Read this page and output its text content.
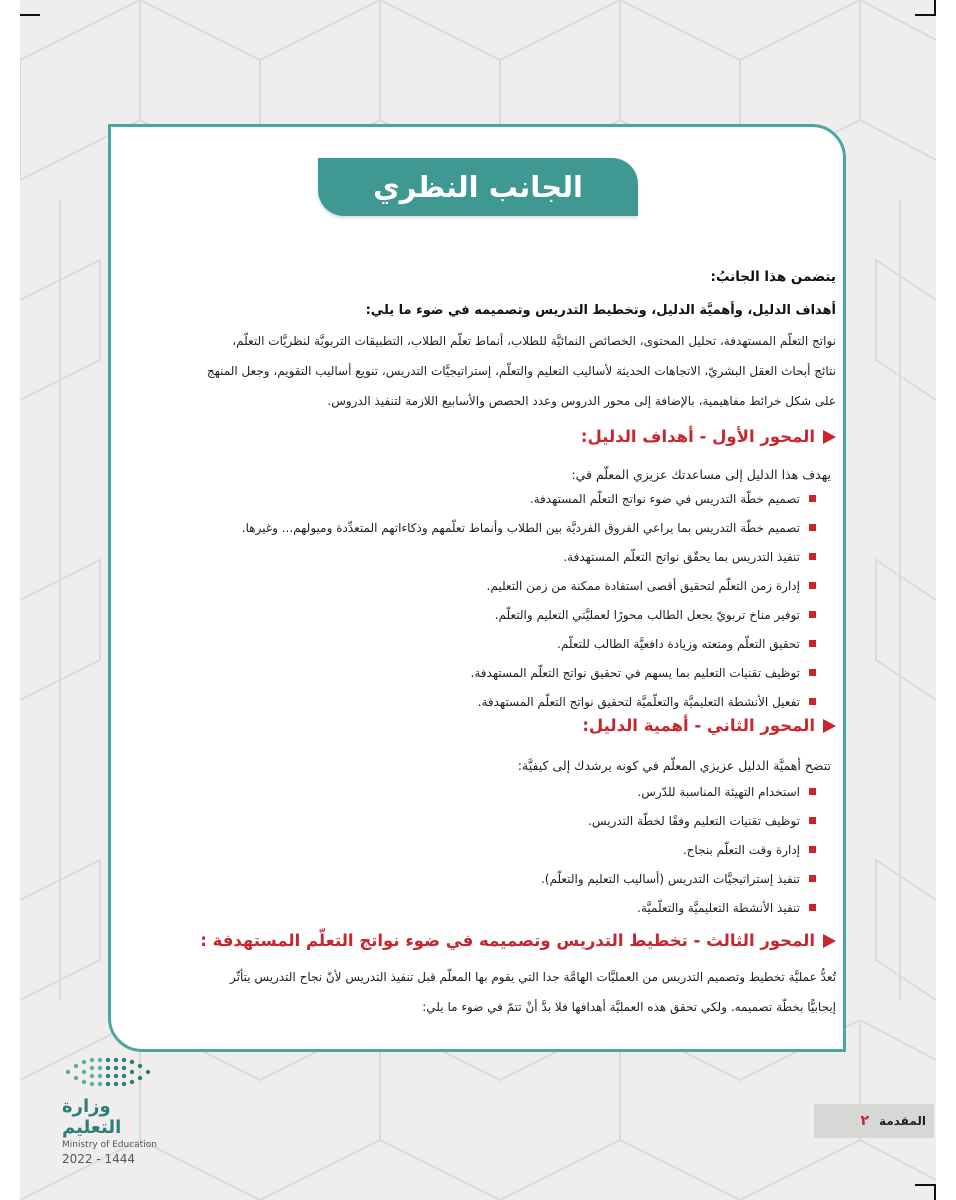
الجانب النظري
يتضمن هذا الجانبُ:
أهداف الدليل، وأهميَّة الدليل، وتخطيط التدريس وتصميمه في ضوء ما يلي:
نواتج التعلّم المستهدفة، تحليل المحتوى، الخصائص النمائيَّة للطلاب، أنماط تعلّم الطلاب، التطبيقات التربويَّة لنظريَّات التعلّم،
نتائج أبحاث العقل البشريّ، الاتجاهات الحديثة لأساليب التعليم والتعلّم، إستراتيجيَّات التدريس، تنويع أساليب التقويم، وجعل المنهج
على شكل خرائط مفاهيمية، بالإضافة إلى محور الدروس وعدد الحصص والأسابيع اللازمة لتنفيذ الدروس.
المحور الأول - أهداف الدليل:
يهدف هذا الدليل إلى مساعدتك عزيزي المعلّم في:
تصميم خطّة التدريس في ضوء نواتج التعلّم المستهدفة.
تصميم خطّة التدريس بما يراعي الفروق الفرديَّة بين الطلاب وأنماط تعلّمهم وذكاءاتهم المتعدِّدة وميولهم... وغيرها.
تنفيذ التدريس بما يحقّق نواتج التعلّم المستهدفة.
إدارة زمن التعلّم لتحقيق أقصى استفادة ممكنة من زمن التعليم.
توفير مناخ تربويّ يجعل الطالب محورًا لعمليَّتي التعليم والتعلّم.
تحقيق التعلّم ومتعته وزيادة دافعيَّة الطالب للتعلّم.
توظيف تقنيات التعليم بما يسهم في تحقيق نواتج التعلّم المستهدفة.
تفعيل الأنشطة التعليميَّة والتعلّميَّة لتحقيق نواتج التعلّم المستهدفة.
المحور الثاني - أهمية الدليل:
تتضح أهميَّة الدليل عزيزي المعلّم في كونه يرشدك إلى كيفيَّة:
استخدام التهيئة المناسبة للدّرس.
توظيف تقنيات التعليم وفقًا لخطّة التدريس.
إدارة وقت التعلّم بنجاح.
تنفيذ إستراتيجيَّات التدريس (أساليب التعليم والتعلّم).
تنفيذ الأنشطة التعليميَّة والتعلّميَّة.
المحور الثالث - تخطيط التدريس وتصميمه في ضوء نواتج التعلّم المستهدفة :
تُعدُّ عمليَّة تخطيط وتصميم التدريس من العمليَّات الهامَّة جدا التي يقوم بها المعلّم قبل تنفيذ التدريس لأنّ نجاح التدريس يتأثّر
إيجابيًّا بخطّة تصميمه. ولكي تحقق هذه العمليَّة أهدافها فلا بدَّ أنْ تتمّ في ضوء ما يلي:
وزارة التعليم
Ministry of Education
2022 - 1444
المقدمة
٢
